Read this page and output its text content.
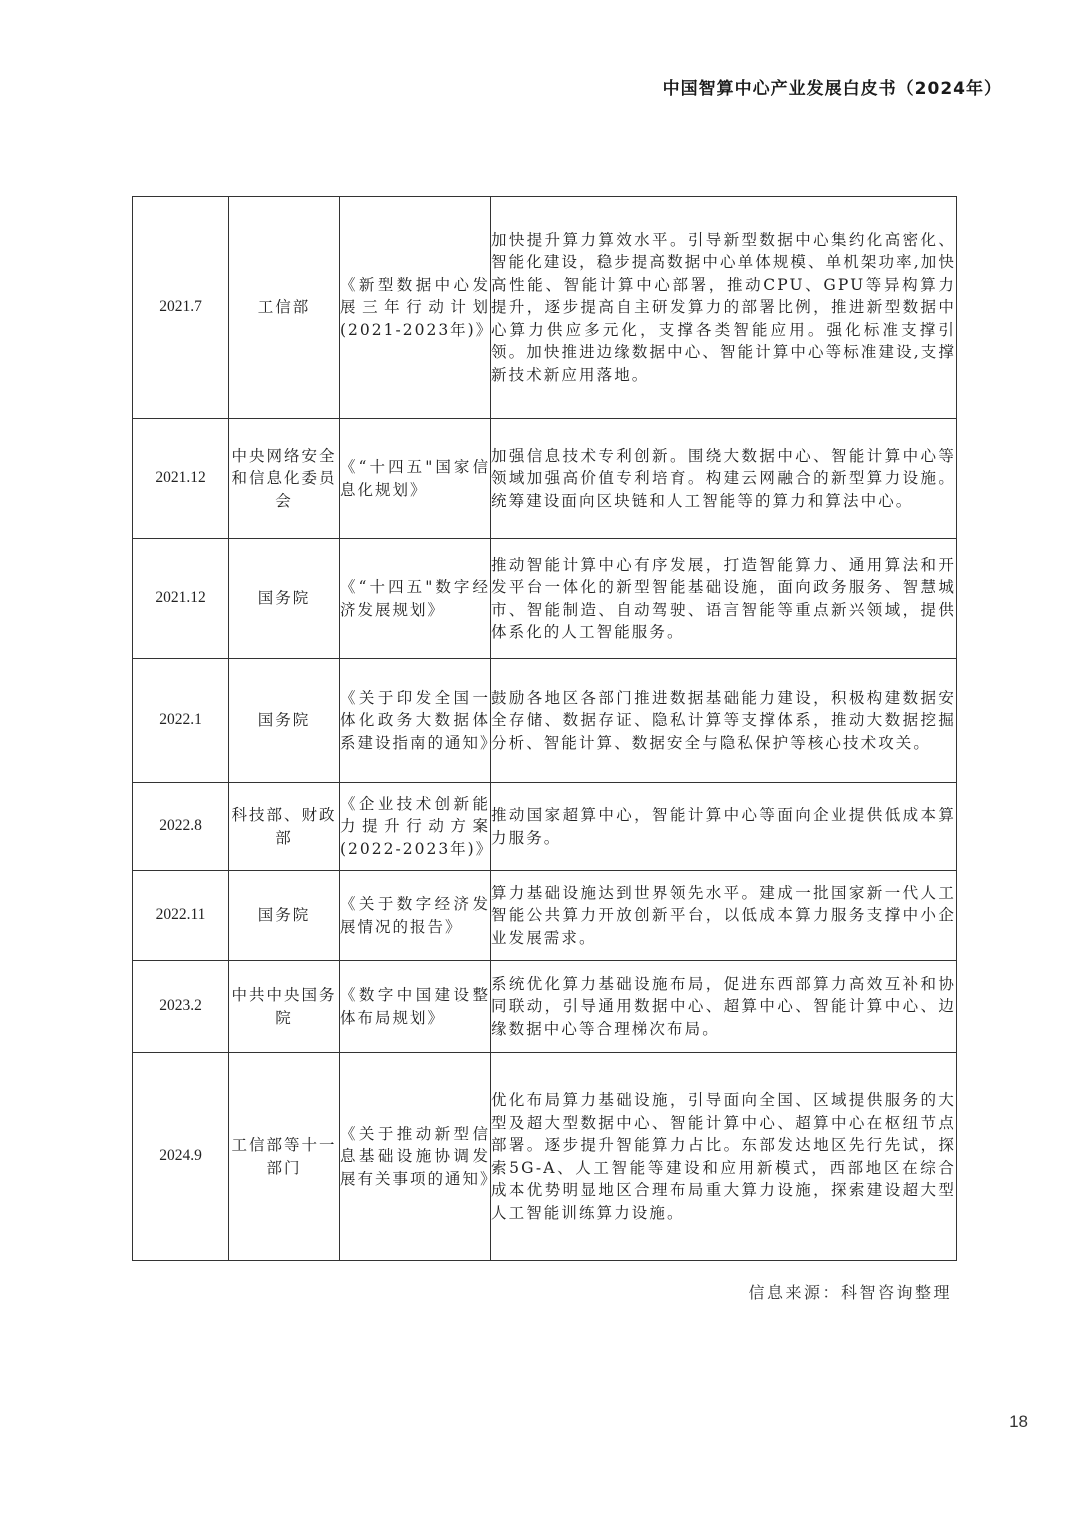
中国智算中心产业发展白皮书（2024年）
2021.7	工信部	《新型数据中心发展三年行动计划(2021-2023年)》	加快提升算力算效水平。引导新型数据中心集约化高密化、智能化建设，稳步提高数据中心单体规模、单机架功率,加快高性能、智能计算中心部署，推动CPU、GPU等异构算力提升，逐步提高自主研发算力的部署比例，推进新型数据中心算力供应多元化，支撑各类智能应用。强化标准支撑引领。加快推进边缘数据中心、智能计算中心等标准建设,支撑新技术新应用落地。
2021.12	中央网络安全和信息化委员会	《“十四五"国家信息化规划》	加强信息技术专利创新。围绕大数据中心、智能计算中心等领域加强高价值专利培育。构建云网融合的新型算力设施。统筹建设面向区块链和人工智能等的算力和算法中心。
2021.12	国务院	《“十四五"数字经济发展规划》	推动智能计算中心有序发展，打造智能算力、通用算法和开发平台一体化的新型智能基础设施，面向政务服务、智慧城市、智能制造、自动驾驶、语言智能等重点新兴领域，提供体系化的人工智能服务。
2022.1	国务院	《关于印发全国一体化政务大数据体系建设指南的通知》	鼓励各地区各部门推进数据基础能力建设，积极构建数据安全存储、数据存证、隐私计算等支撑体系，推动大数据挖掘分析、智能计算、数据安全与隐私保护等核心技术攻关。
2022.8	科技部、财政部	《企业技术创新能力提升行动方案(2022-2023年)》	推动国家超算中心，智能计算中心等面向企业提供低成本算力服务。
2022.11	国务院	《关于数字经济发展情况的报告》	算力基础设施达到世界领先水平。建成一批国家新一代人工智能公共算力开放创新平台，以低成本算力服务支撑中小企业发展需求。
2023.2	中共中央国务院	《数字中国建设整体布局规划》	系统优化算力基础设施布局，促进东西部算力高效互补和协同联动，引导通用数据中心、超算中心、智能计算中心、边缘数据中心等合理梯次布局。
2024.9	工信部等十一部门	《关于推动新型信息基础设施协调发展有关事项的通知》	优化布局算力基础设施，引导面向全国、区域提供服务的大型及超大型数据中心、智能计算中心、超算中心在枢纽节点部署。逐步提升智能算力占比。东部发达地区先行先试，探索5G-A、人工智能等建设和应用新模式，西部地区在综合成本优势明显地区合理布局重大算力设施，探索建设超大型人工智能训练算力设施。
信息来源：科智咨询整理
18
